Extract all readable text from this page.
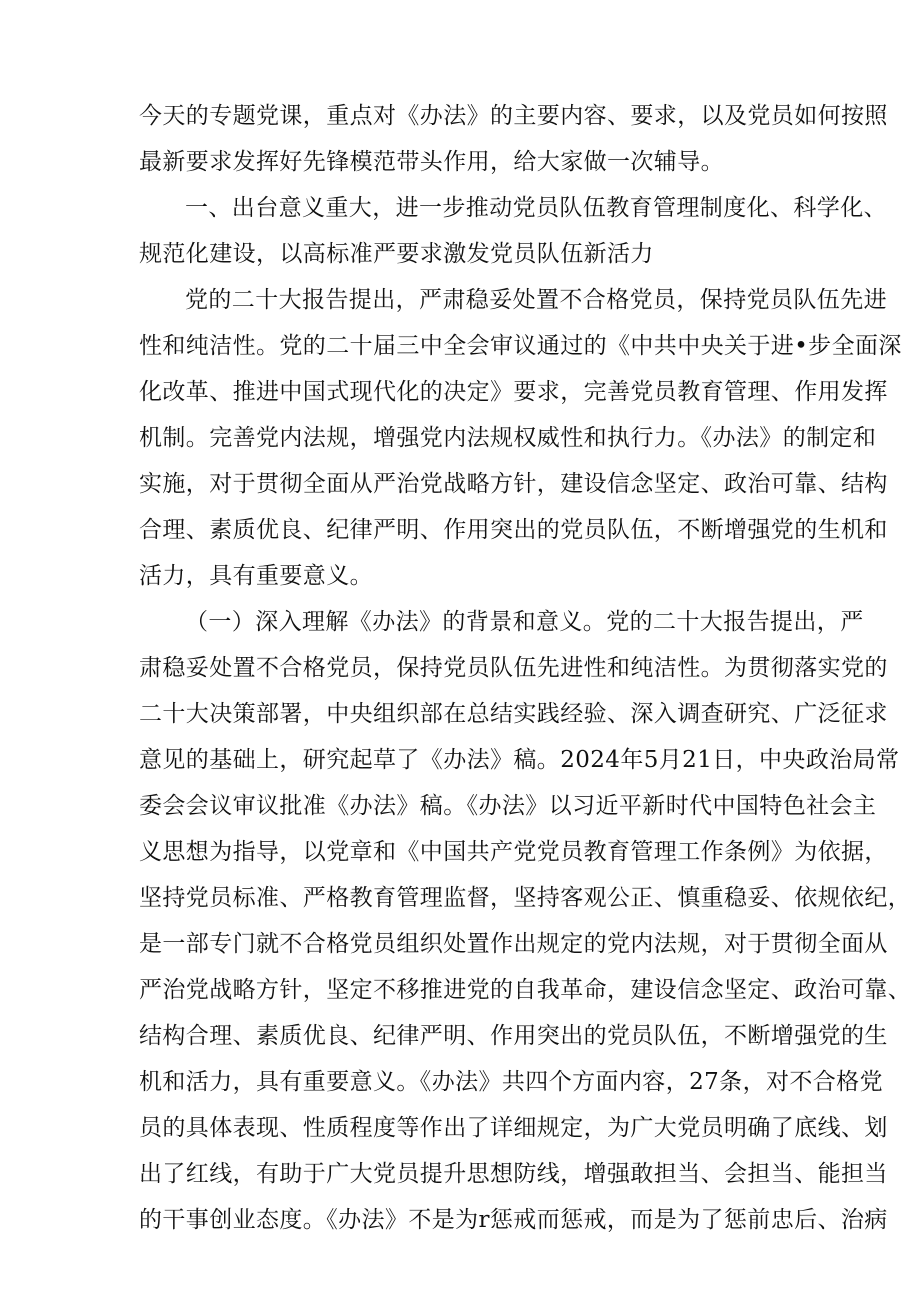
今天的专题党课，重点对《办法》的主要内容、要求，以及党员如何按照
最新要求发挥好先锋模范带头作用，给大家做一次辅导。

一、出台意义重大，进一步推动党员队伍教育管理制度化、科学化、
规范化建设，以高标准严要求激发党员队伍新活力

党的二十大报告提出，严肃稳妥处置不合格党员，保持党员队伍先进
性和纯洁性。党的二十届三中全会审议通过的《中共中央关于进•步全面深
化改革、推进中国式现代化的决定》要求，完善党员教育管理、作用发挥
机制。完善党内法规，增强党内法规权威性和执行力。《办法》的制定和
实施，对于贯彻全面从严治党战略方针，建设信念坚定、政治可靠、结构
合理、素质优良、纪律严明、作用突出的党员队伍，不断增强党的生机和
活力，具有重要意义。

（一）深入理解《办法》的背景和意义。党的二十大报告提出，严
肃稳妥处置不合格党员，保持党员队伍先进性和纯洁性。为贯彻落实党的
二十大决策部署，中央组织部在总结实践经验、深入调查研究、广泛征求
意见的基础上，研究起草了《办法》稿。2024年5月21日，中央政治局常
委会会议审议批准《办法》稿。《办法》以习近平新时代中国特色社会主
义思想为指导，以党章和《中国共产党党员教育管理工作条例》为依据，
坚持党员标准、严格教育管理监督，坚持客观公正、慎重稳妥、依规依纪，
是一部专门就不合格党员组织处置作出规定的党内法规，对于贯彻全面从
严治党战略方针，坚定不移推进党的自我革命，建设信念坚定、政治可靠、
结构合理、素质优良、纪律严明、作用突出的党员队伍，不断增强党的生
机和活力，具有重要意义。《办法》共四个方面内容，27条，对不合格党
员的具体表现、性质程度等作出了详细规定，为广大党员明确了底线、划
出了红线，有助于广大党员提升思想防线，增强敢担当、会担当、能担当
的干事创业态度。《办法》不是为r惩戒而惩戒，而是为了惩前忠后、治病
